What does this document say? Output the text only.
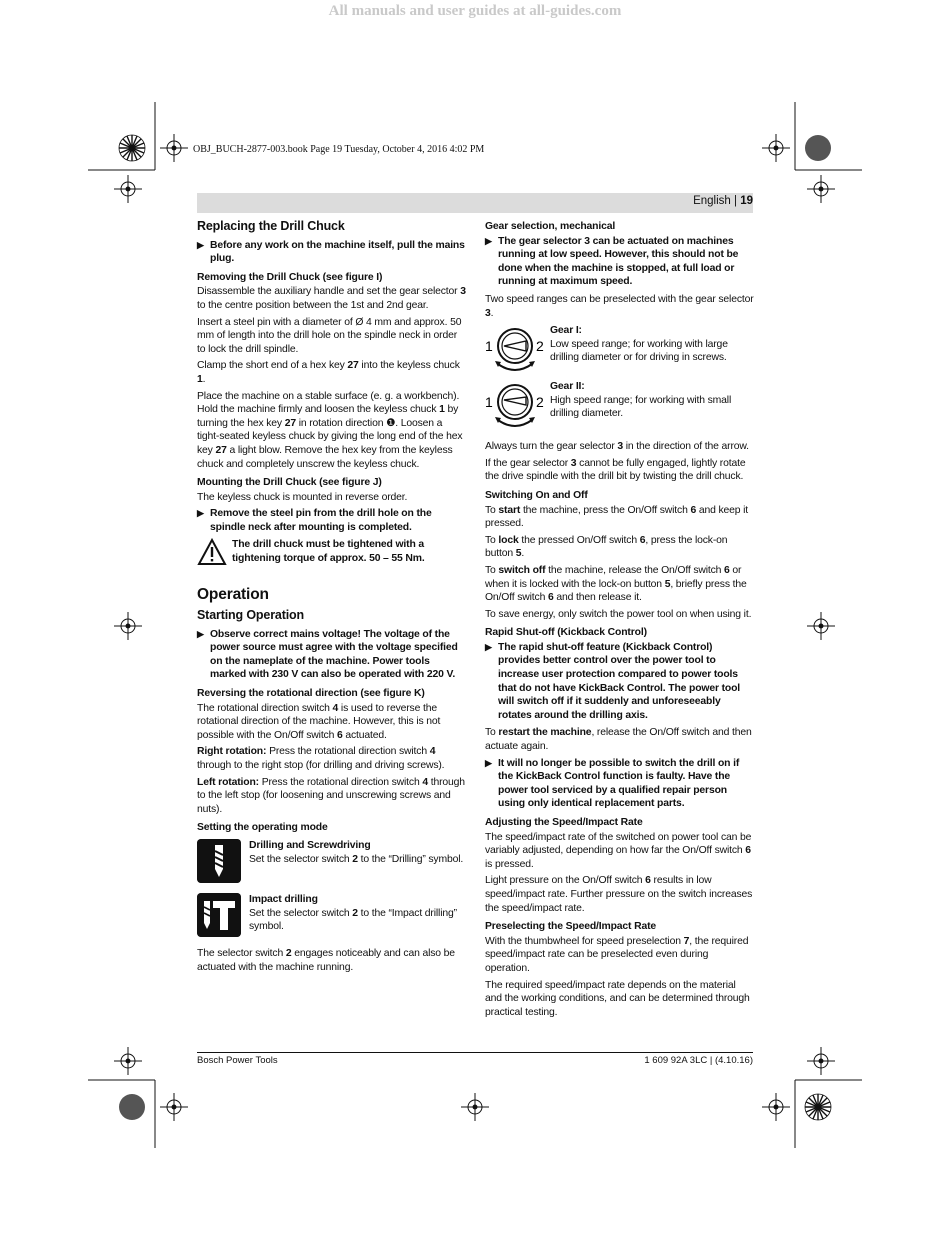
All manuals and user guides at all-guides.com
OBJ_BUCH-2877-003.book Page 19 Tuesday, October 4, 2016 4:02 PM
English | 19
Replacing the Drill Chuck
▶ Before any work on the machine itself, pull the mains plug.
Removing the Drill Chuck (see figure I)

Disassemble the auxiliary handle and set the gear selector 3 to the centre position between the 1st and 2nd gear.

Insert a steel pin with a diameter of Ø 4 mm and approx. 50 mm of length into the drill hole on the spindle neck in order to lock the drill spindle.

Clamp the short end of a hex key 27 into the keyless chuck 1.

Place the machine on a stable surface (e. g. a workbench). Hold the machine firmly and loosen the keyless chuck 1 by turning the hex key 27 in rotation direction ❶. Loosen a tight-seated keyless chuck by giving the long end of the hex key 27 a light blow. Remove the hex key from the keyless chuck and completely unscrew the keyless chuck.

Mounting the Drill Chuck (see figure J)

The keyless chuck is mounted in reverse order.

▶ Remove the steel pin from the drill hole on the spindle neck after mounting is completed.
The drill chuck must be tightened with a tightening torque of approx. 50 – 55 Nm.
Operation
Starting Operation
▶ Observe correct mains voltage! The voltage of the power source must agree with the voltage specified on the nameplate of the machine. Power tools marked with 230 V can also be operated with 220 V.
Reversing the rotational direction (see figure K)

The rotational direction switch 4 is used to reverse the rotational direction of the machine. However, this is not possible with the On/Off switch 6 actuated.

Right rotation: Press the rotational direction switch 4 through to the right stop (for drilling and driving screws).

Left rotation: Press the rotational direction switch 4 through to the left stop (for loosening and unscrewing screws and nuts).

Setting the operating mode
Drilling and Screwdriving
Set the selector switch 2 to the “Drilling” symbol.
Impact drilling
Set the selector switch 2 to the “Impact drilling” symbol.

The selector switch 2 engages noticeably and can also be actuated with the machine running.

Gear selection, mechanical
▶ The gear selector 3 can be actuated on machines running at low speed. However, this should not be done when the machine is stopped, at full load or running at maximum speed.

Two speed ranges can be preselected with the gear selector 3.

1	2
Gear I:
Low speed range; for working with large drilling diameter or for driving in screws.
1	2
Gear II:
High speed range; for working with small drilling diameter.

Always turn the gear selector 3 in the direction of the arrow.

If the gear selector 3 cannot be fully engaged, lightly rotate the drive spindle with the drill bit by twisting the drill chuck.

Switching On and Off

To start the machine, press the On/Off switch 6 and keep it pressed.

To lock the pressed On/Off switch 6, press the lock-on button 5.

To switch off the machine, release the On/Off switch 6 or when it is locked with the lock-on button 5, briefly press the On/Off switch 6 and then release it.

To save energy, only switch the power tool on when using it.

Rapid Shut-off (Kickback Control)
▶ The rapid shut-off feature (Kickback Control) provides better control over the power tool to increase user protection compared to power tools that do not have KickBack Control. The power tool will switch off if it suddenly and unforeseeably rotates around the drilling axis.

To restart the machine, release the On/Off switch and then actuate again.

▶ It will no longer be possible to switch the drill on if the KickBack Control function is faulty. Have the power tool serviced by a qualified repair person using only identical replacement parts.
Adjusting the Speed/Impact Rate

The speed/impact rate of the switched on power tool can be variably adjusted, depending on how far the On/Off switch 6 is pressed.

Light pressure on the On/Off switch 6 results in low speed/impact rate. Further pressure on the switch increases the speed/impact rate.

Preselecting the Speed/Impact Rate

With the thumbwheel for speed preselection 7, the required speed/impact rate can be preselected even during operation.

The required speed/impact rate depends on the material and the working conditions, and can be determined through practical testing.

Bosch Power Tools	1 609 92A 3LC | (4.10.16)
